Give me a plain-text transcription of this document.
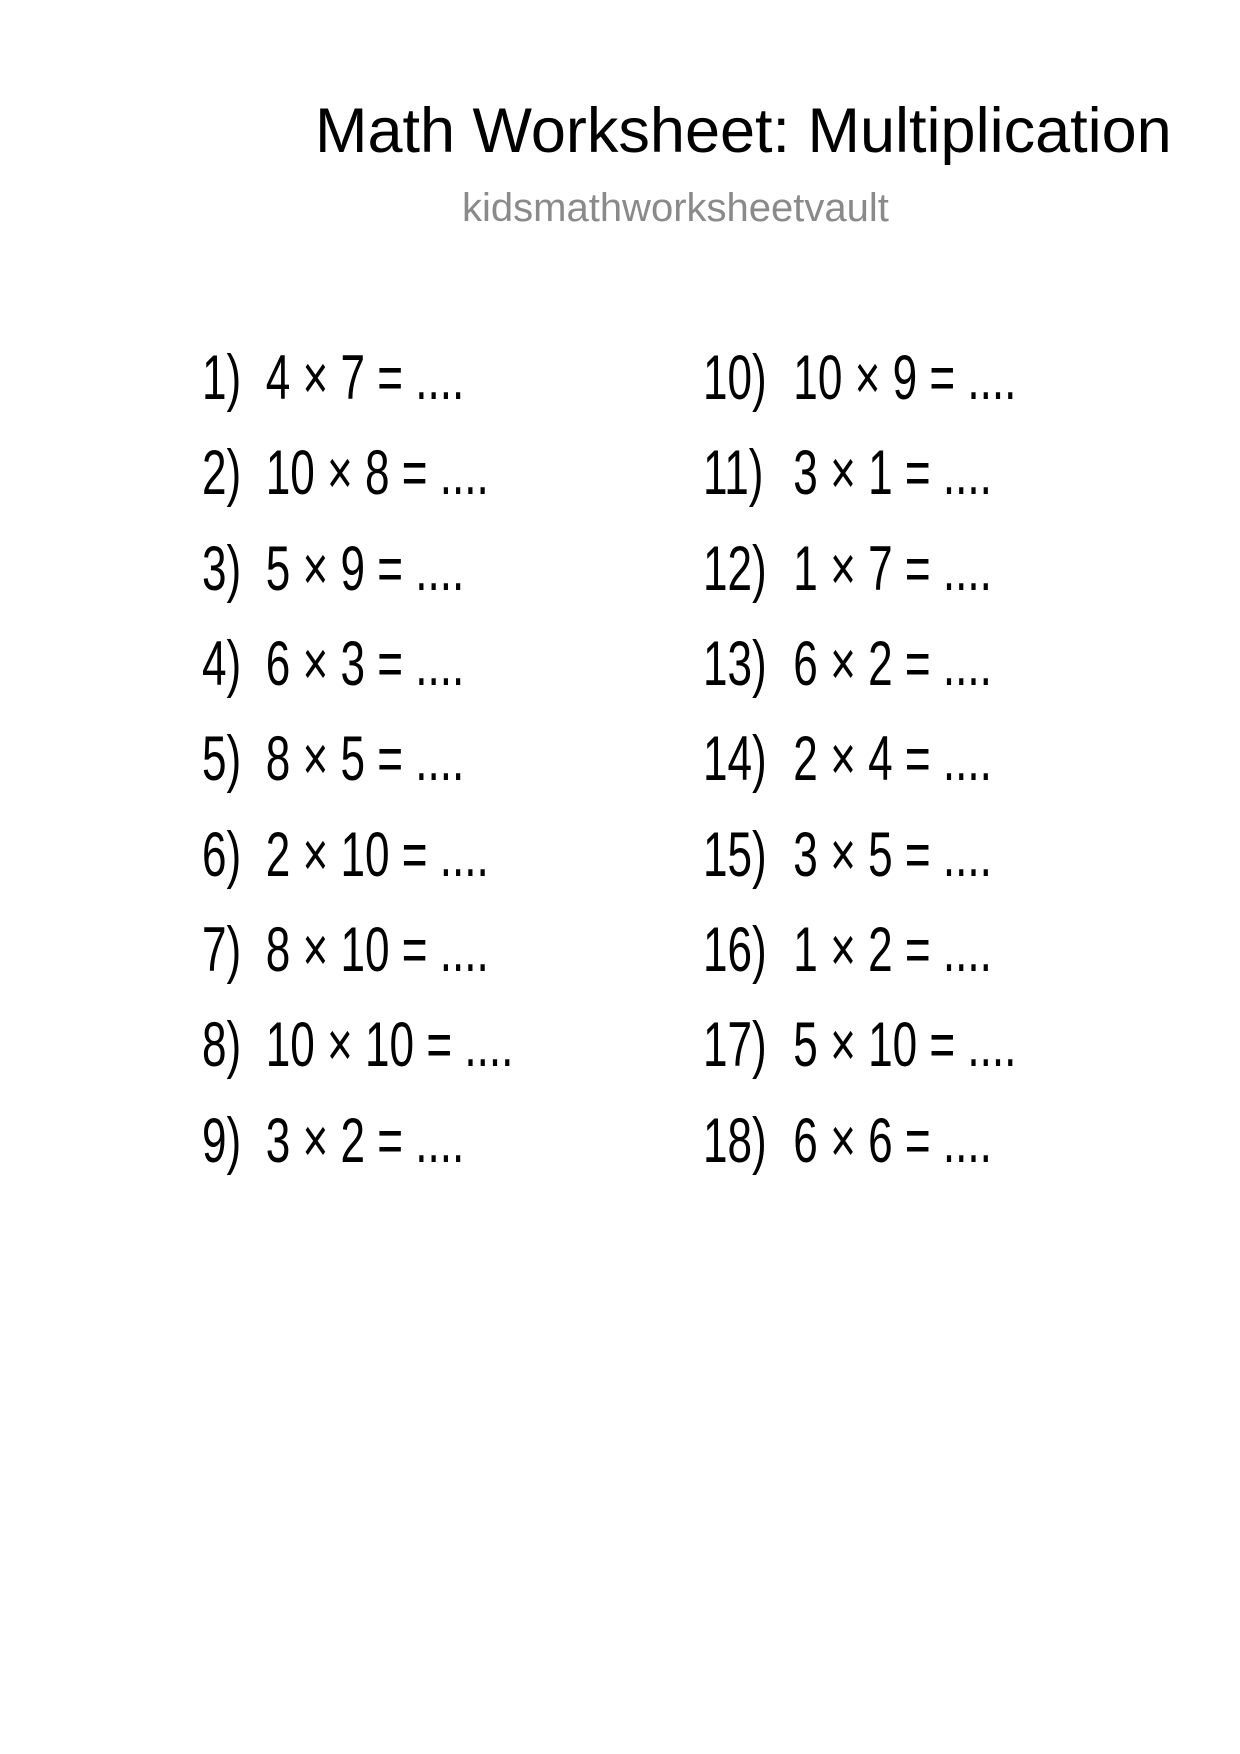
Math Worksheet: Multiplication
kidsmathworksheetvault
1) 4 × 7 = ....
2) 10 × 8 = ....
3) 5 × 9 = ....
4) 6 × 3 = ....
5) 8 × 5 = ....
6) 2 × 10 = ....
7) 8 × 10 = ....
8) 10 × 10 = ....
9) 3 × 2 = ....
10) 10 × 9 = ....
11) 3 × 1 = ....
12) 1 × 7 = ....
13) 6 × 2 = ....
14) 2 × 4 = ....
15) 3 × 5 = ....
16) 1 × 2 = ....
17) 5 × 10 = ....
18) 6 × 6 = ....
